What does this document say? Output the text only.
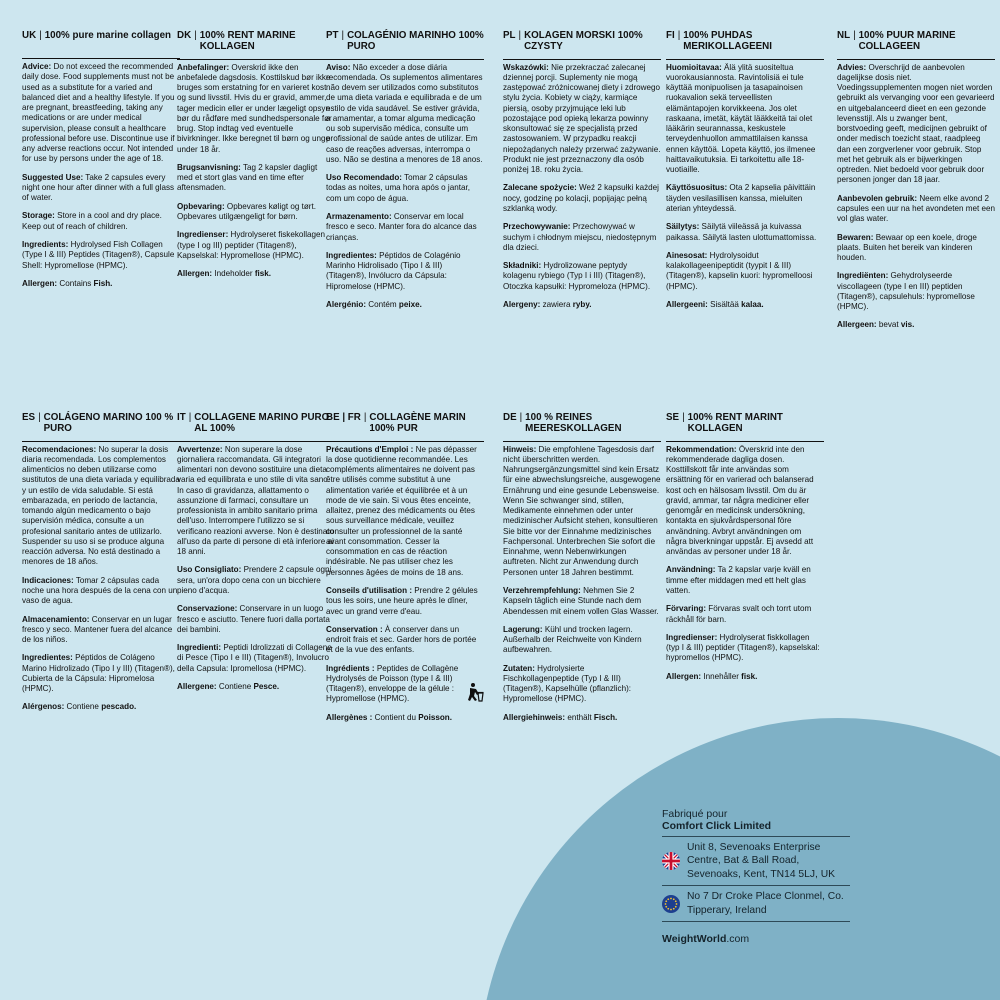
UK | 100% pure marine collagen
Advice: Do not exceed the recommended daily dose. Food supplements must not be used as a substitute for a varied and balanced diet and a healthy lifestyle. If you are pregnant, breastfeeding, taking any medications or are under medical supervision, please consult a healthcare professional before use. Discontinue use if any adverse reactions occur. Not intended for use by persons under the age of 18.
Suggested Use: Take 2 capsules every night one hour after dinner with a full glass of water.
Storage: Store in a cool and dry place. Keep out of reach of children.
Ingredients: Hydrolysed Fish Collagen (Type I & III) Peptides (Titagen®), Capsule Shell: Hypromellose (HPMC).
Allergen: Contains Fish.
DK | 100% RENT MARINE KOLLAGEN
Anbefalinger: Overskrid ikke den anbefalede dagsdosis. Kosttilskud bør ikke bruges som erstatning for en varieret kost og sund livsstil. Hvis du er gravid, ammer, tager medicin eller er under lægeligt opsyn bør du rådføre med sundhedspersonale før brug. Stop indtag ved eventuelle bivirkninger. Ikke beregnet til børn og unge under 18 år.
Brugsanvisning: Tag 2 kapsler dagligt med et stort glas vand en time efter aftensmaden.
Opbevaring: Opbevares køligt og tørt. Opbevares utilgængeligt for børn.
Ingredienser: Hydrolyseret fiskekollagen (type I og III) peptider (Titagen®), Kapselskal: Hypromellose (HPMC).
Allergen: Indeholder fisk.
PT | COLAGÉNIO MARINHO 100% PURO
Aviso: Não exceder a dose diária recomendada. Os suplementos alimentares não devem ser utilizados como substitutos de uma dieta variada e equilibrada e de um estilo de vida saudável. Se estiver grávida, a amamentar, a tomar alguma medicação ou sob supervisão médica, consulte um profissional de saúde antes de utilizar. Em caso de reações adversas, interrompa o uso. Não se destina a menores de 18 anos.
Uso Recomendado: Tomar 2 cápsulas todas as noites, uma hora após o jantar, com um copo de água.
Armazenamento: Conservar em local fresco e seco. Manter fora do alcance das crianças.
Ingredientes: Péptidos de Colagénio Marinho Hidrolisado (Tipo I & III) (Titagen®), Invólucro da Cápsula: Hipromelose (HPMC).
Alergénio: Contém peixe.
PL | KOLAGEN MORSKI 100% CZYSTY
Wskazówki: Nie przekraczać zalecanej dziennej porcji. Suplementy nie mogą zastępować zróżnicowanej diety i zdrowego stylu życia. Kobiety w ciąży, karmiące piersią, osoby przyjmujące leki lub pozostające pod opieką lekarza powinny skonsultować się ze specjalistą przed zastosowaniem. W przypadku reakcji niepożądanych należy przerwać zażywanie. Produkt nie jest przeznaczony dla osób poniżej 18. roku życia.
Zalecane spożycie: Weź 2 kapsułki każdej nocy, godzinę po kolacji, popijając pełną szklanką wody.
Przechowywanie: Przechowywać w suchym i chłodnym miejscu, niedostępnym dla dzieci.
Składniki: Hydrolizowane peptydy kolagenu rybiego (Typ I i III) (Titagen®), Otoczka kapsułki: Hypromeloza (HPMC).
Alergeny: zawiera ryby.
FI | 100% PUHDAS MERIKOLLAGEENI
Huomioitavaa: Älä ylitä suositeltua vuorokausiannosta. Ravintolisiä ei tule käyttää monipuolisen ja tasapainoisen ruokavalion sekä terveellisten elämäntapojen korvikkeena. Jos olet raskaana, imetät, käytät lääkkeitä tai olet lääkärin seurannassa, keskustele terveydenhuollon ammattilaisen kanssa ennen käyttöä. Lopeta käyttö, jos ilmenee haittavaikutuksia. Ei tarkoitettu alle 18-vuotiaille.
Käyttösuositus: Ota 2 kapselia päivittäin täyden vesilasillisen kanssa, mieluiten aterian yhteydessä.
Säilytys: Säilytä viileässä ja kuivassa paikassa. Säilytä lasten ulottumattomissa.
Ainesosat: Hydrolysoidut kalakollageenipeptidit (tyypit I & III) (Titagen®), kapselin kuori: hypromelloosi (HPMC).
Allergeeni: Sisältää kalaa.
NL | 100% PUUR MARINE COLLAGEEN
Advies: Overschrijd de aanbevolen dagelijkse dosis niet. Voedingssupplementen mogen niet worden gebruikt als vervanging voor een gevarieerd en uitgebalanceerd dieet en een gezonde levensstijl. Als u zwanger bent, borstvoeding geeft, medicijnen gebruikt of onder medisch toezicht staat, raadpleeg dan een zorgverlener voor gebruik. Stop met het gebruik als er bijwerkingen optreden. Niet bedoeld voor gebruik door personen jonger dan 18 jaar.
Aanbevolen gebruik: Neem elke avond 2 capsules een uur na het avondeten met een vol glas water.
Bewaren: Bewaar op een koele, droge plaats. Buiten het bereik van kinderen houden.
Ingrediënten: Gehydrolyseerde viscollageen (type I en III) peptiden (Titagen®), capsulehuls: hypromellose (HPMC).
Allergeen: bevat vis.
ES | COLÁGENO MARINO 100 % PURO
Recomendaciones: No superar la dosis diaria recomendada. Los complementos alimenticios no deben utilizarse como sustitutos de una dieta variada y equilibrada y un estilo de vida saludable. Si está embarazada, en periodo de lactancia, tomando algún medicamento o bajo supervisión médica, consulte a un profesional sanitario antes de utilizarlo. Suspender su uso si se produce alguna reacción adversa. No está destinado a menores de 18 años.
Indicaciones: Tomar 2 cápsulas cada noche una hora después de la cena con un vaso de agua.
Almacenamiento: Conservar en un lugar fresco y seco. Mantener fuera del alcance de los niños.
Ingredientes: Péptidos de Colágeno Marino Hidrolizado (Tipo I y III) (Titagen®), Cubierta de la Cápsula: Hipromelosa (HPMC).
Alérgenos: Contiene pescado.
IT | COLLAGENE MARINO PURO AL 100%
Avvertenze: Non superare la dose giornaliera raccomandata. Gli integratori alimentari non devono sostituire una dieta varia ed equilibrata e uno stile di vita sano. In caso di gravidanza, allattamento o assunzione di farmaci, consultare un professionista in ambito sanitario prima dell'uso. Interrompere l'utilizzo se si verificano reazioni avverse. Non è destinato all'uso da parte di persone di età inferiore ai 18 anni.
Uso Consigliato: Prendere 2 capsule ogni sera, un'ora dopo cena con un bicchiere pieno d'acqua.
Conservazione: Conservare in un luogo fresco e asciutto. Tenere fuori dalla portata dei bambini.
Ingredienti: Peptidi Idrolizzati di Collagene di Pesce (Tipo I e III) (Titagen®), Involucro della Capsula: Ipromellosa (HPMC).
Allergene: Contiene Pesce.
BE | FR | COLLAGÈNE MARIN 100% PUR
Précautions d'Emploi : Ne pas dépasser la dose quotidienne recommandée. Les compléments alimentaires ne doivent pas être utilisés comme substitut à une alimentation variée et équilibrée et à un mode de vie sain. Si vous êtes enceinte, allaitez, prenez des médicaments ou êtes sous surveillance médicale, veuillez consulter un professionnel de la santé avant consommation. Cesser la consommation en cas de réaction indésirable. Ne pas utiliser chez les personnes âgées de moins de 18 ans.
Conseils d'utilisation : Prendre 2 gélules tous les soirs, une heure après le dîner, avec un grand verre d'eau.
Conservation : À conserver dans un endroit frais et sec. Garder hors de portée et de la vue des enfants.
Ingrédients : Peptides de Collagène Hydrolysés de Poisson (type I & III) (Titagen®), enveloppe de la gélule : Hypromellose (HPMC).
Allergènes : Contient du Poisson.
DE | 100 % REINES MEERESKOLLAGEN
Hinweis: Die empfohlene Tagesdosis darf nicht überschritten werden. Nahrungsergänzungsmittel sind kein Ersatz für eine abwechslungsreiche, ausgewogene Ernährung und eine gesunde Lebensweise. Wenn Sie schwanger sind, stillen, Medikamente einnehmen oder unter medizinischer Aufsicht stehen, konsultieren Sie bitte vor der Einnahme medizinisches Fachpersonal. Unterbrechen Sie sofort die Einnahme, wenn Nebenwirkungen auftreten. Nicht zur Anwendung durch Personen unter 18 Jahren bestimmt.
Verzehrempfehlung: Nehmen Sie 2 Kapseln täglich eine Stunde nach dem Abendessen mit einem vollen Glas Wasser.
Lagerung: Kühl und trocken lagern. Außerhalb der Reichweite von Kindern aufbewahren.
Zutaten: Hydrolysierte Fischkollagenpeptide (Typ I & III) (Titagen®), Kapselhülle (pflanzlich): Hypromellose (HPMC).
Allergiehinweis: enthält Fisch.
SE | 100% RENT MARINT KOLLAGEN
Rekommendation: Överskrid inte den rekommenderade dagliga dosen. Kosttillskott får inte användas som ersättning för en varierad och balanserad kost och en hälsosam livsstil. Om du är gravid, ammar, tar några mediciner eller genomgår en medicinsk undersökning, kontakta en sjukvårdspersonal före användning. Avbryt användningen om några biverkningar uppstår. Ej avsedd att användas av personer under 18 år.
Användning: Ta 2 kapslar varje kväll en timme efter middagen med ett helt glas vatten.
Förvaring: Förvaras svalt och torrt utom räckhåll för barn.
Ingredienser: Hydrolyserat fiskkollagen (typ I & III) peptider (Titagen®), kapselskal: hypromellos (HPMC).
Allergen: Innehåller fisk.
Fabriqué pour
Comfort Click Limited
Unit 8, Sevenoaks Enterprise Centre, Bat & Ball Road, Sevenoaks, Kent, TN14 5LJ, UK
No 7 Dr Croke Place Clonmel, Co. Tipperary, Ireland
WeightWorld.com
